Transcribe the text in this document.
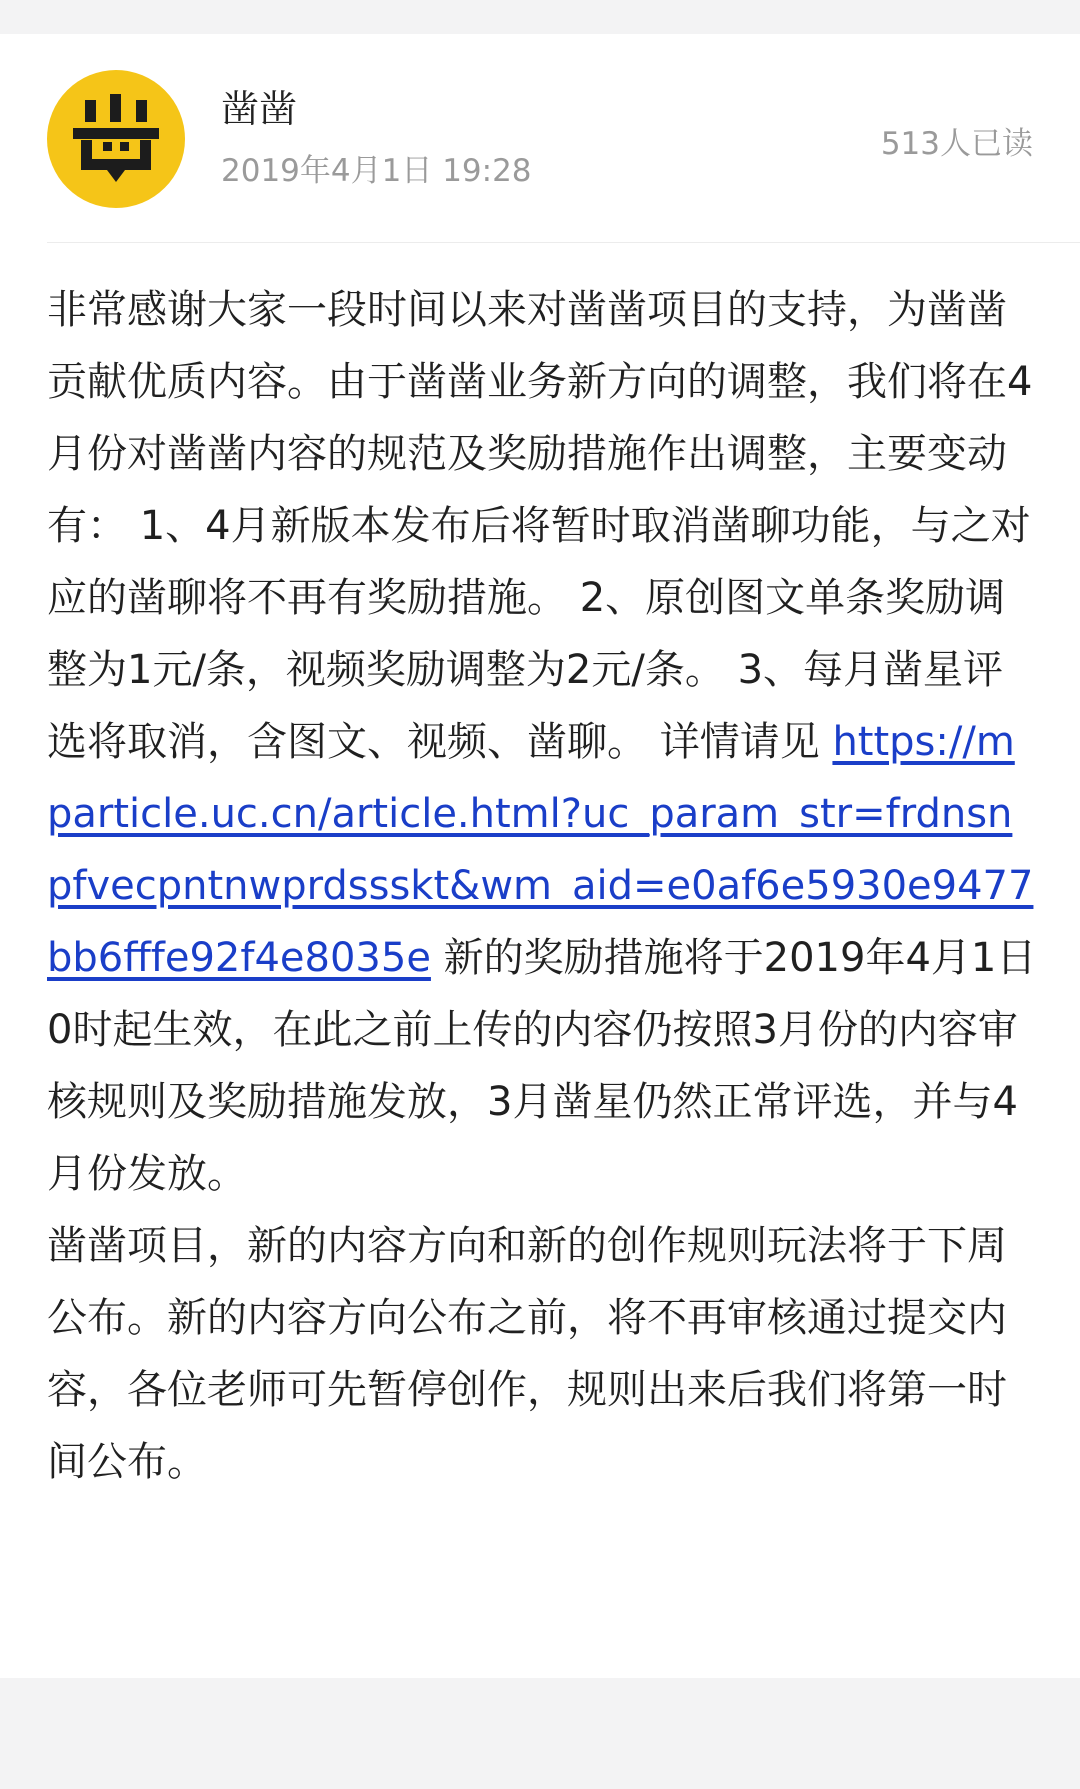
凿凿
2019年4月1日 19:28
513人已读

非常感谢大家一段时间以来对凿凿项目的支持，为凿凿贡献优质内容。由于凿凿业务新方向的调整，我们将在4月份对凿凿内容的规范及奖励措施作出调整，主要变动有： 1、4月新版本发布后将暂时取消凿聊功能，与之对应的凿聊将不再有奖励措施。 2、原创图文单条奖励调整为1元/条，视频奖励调整为2元/条。 3、每月凿星评选将取消，含图文、视频、凿聊。 详情请见 https://mparticle.uc.cn/article.html?uc_param_str=frdnsnpfvecpntnwprdssskt&wm_aid=e0af6e5930e9477bb6fffe92f4e8035e 新的奖励措施将于2019年4月1日0时起生效，在此之前上传的内容仍按照3月份的内容审核规则及奖励措施发放，3月凿星仍然正常评选，并与4月份发放。

凿凿项目，新的内容方向和新的创作规则玩法将于下周公布。新的内容方向公布之前，将不再审核通过提交内容，各位老师可先暂停创作，规则出来后我们将第一时间公布。
